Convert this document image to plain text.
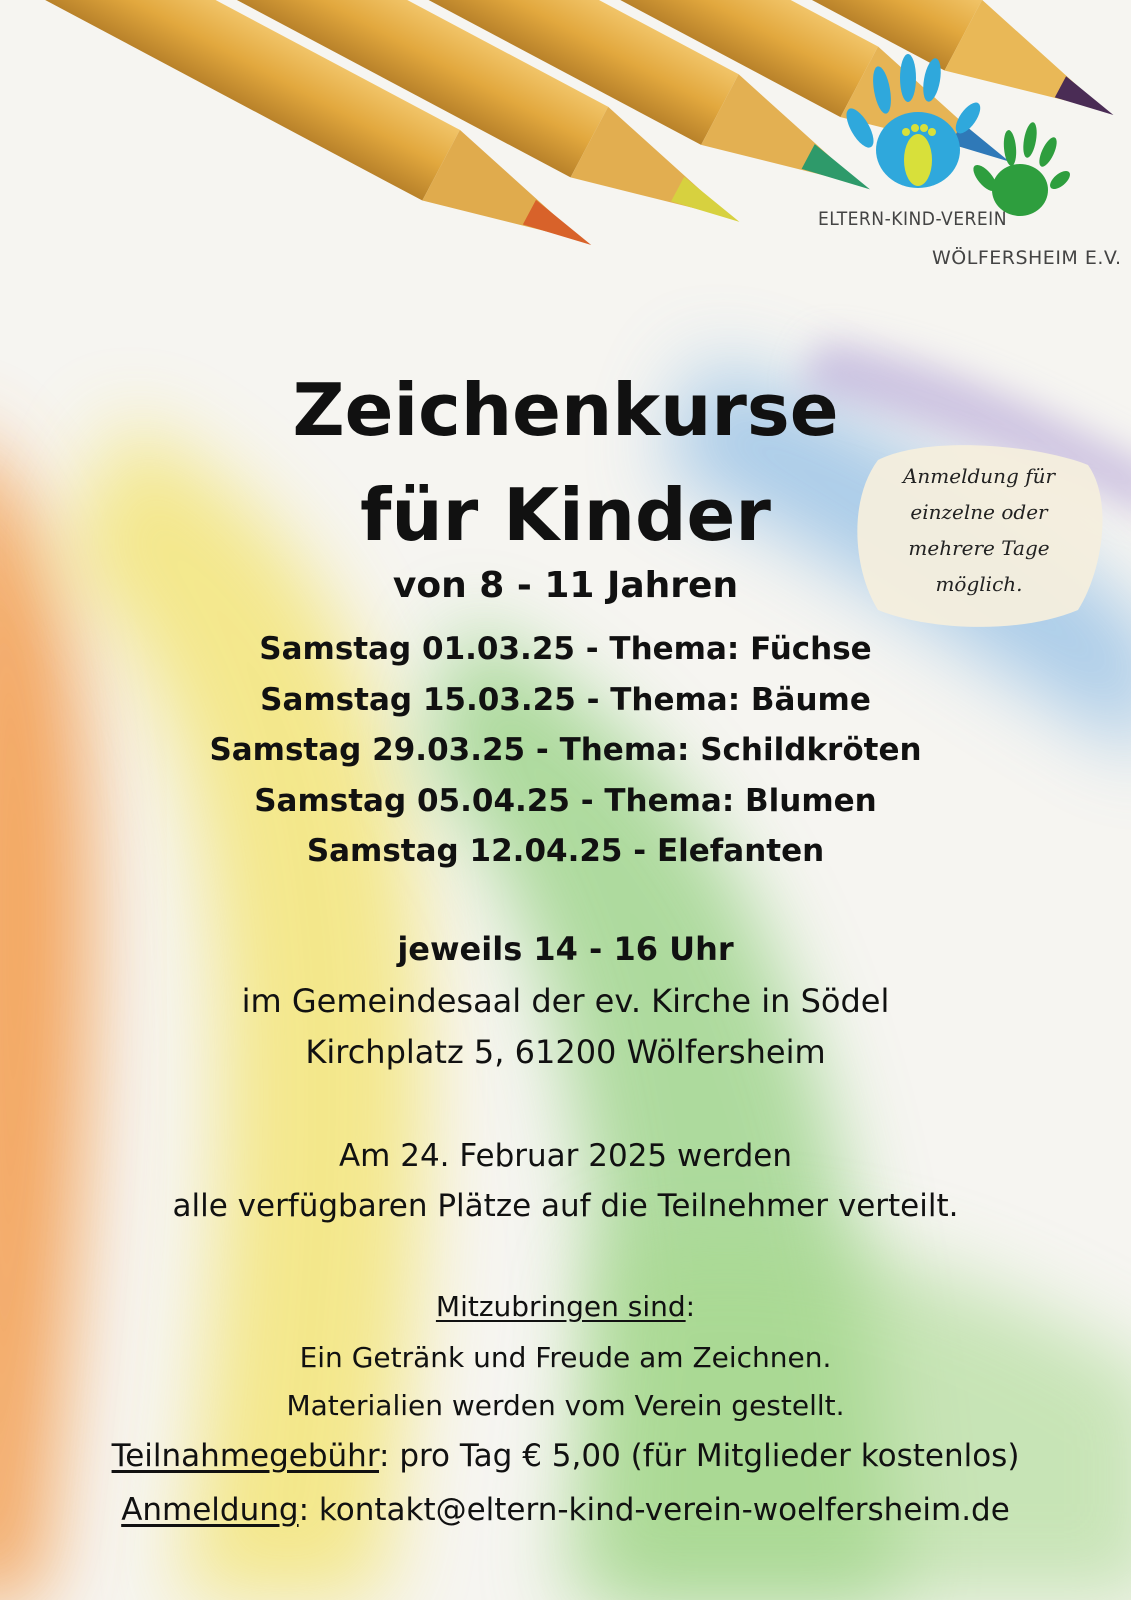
ELTERN-KIND-VEREIN
WÖLFERSHEIM E.V.
Anmeldung für
einzelne oder
mehrere Tage
möglich.
Zeichenkurse
für Kinder
von 8 - 11 Jahren
Samstag 01.03.25 - Thema: Füchse
Samstag 15.03.25 - Thema: Bäume
Samstag 29.03.25 - Thema: Schildkröten
Samstag 05.04.25 - Thema: Blumen
Samstag 12.04.25 - Elefanten
jeweils 14 - 16 Uhr
im Gemeindesaal der ev. Kirche in Södel
Kirchplatz 5, 61200 Wölfersheim
Am 24. Februar 2025 werden
alle verfügbaren Plätze auf die Teilnehmer verteilt.
Mitzubringen sind:
Ein Getränk und Freude am Zeichnen.
Materialien werden vom Verein gestellt.
Teilnahmegebühr: pro Tag € 5,00 (für Mitglieder kostenlos)
Anmeldung: kontakt@eltern-kind-verein-woelfersheim.de
